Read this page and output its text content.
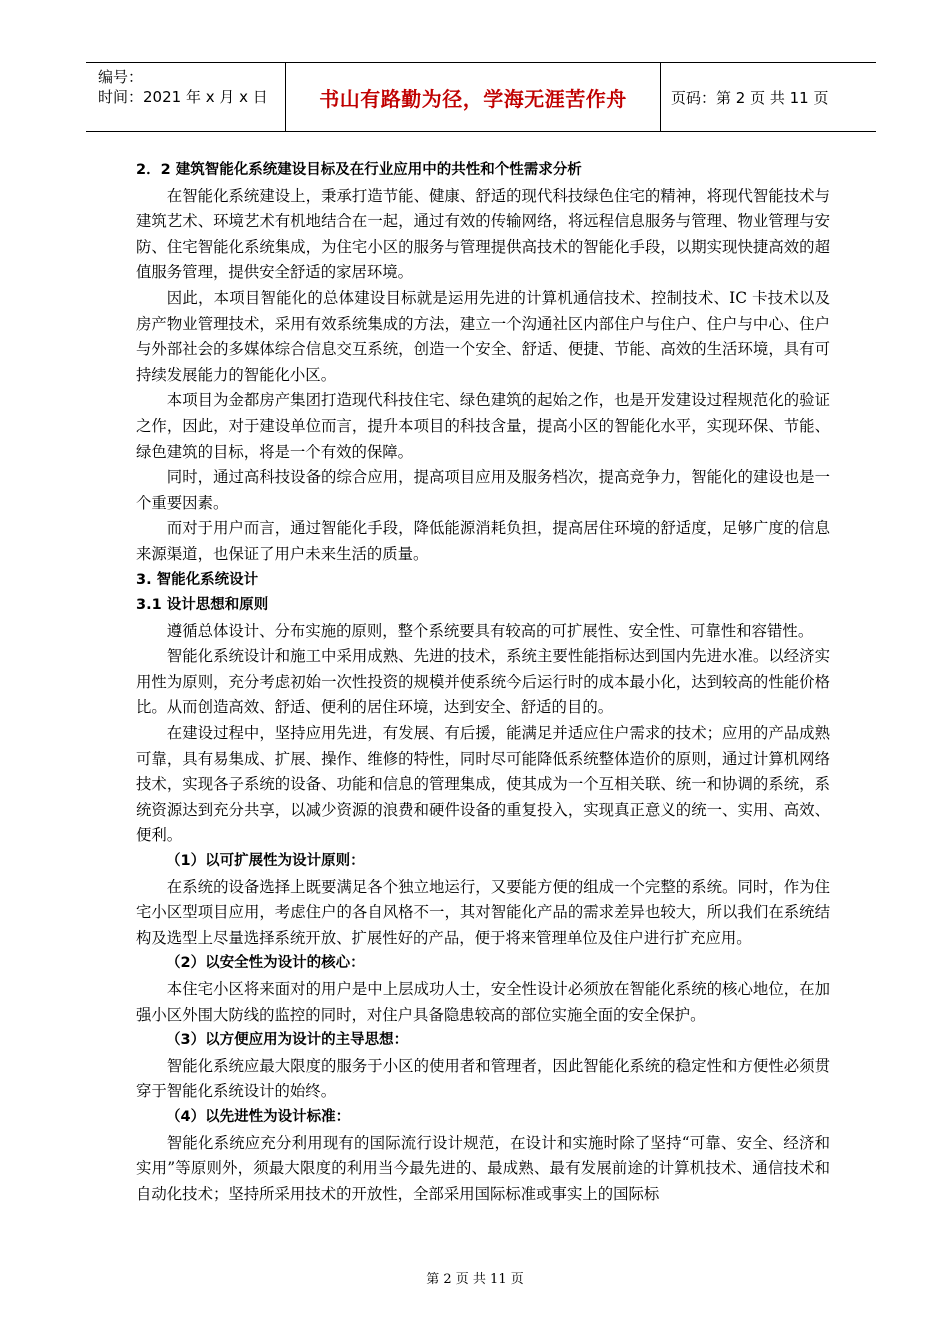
编号：
时间：2021 年 x 月 x 日	书山有路勤为径，学海无涯苦作舟	页码：第 2 页 共 11 页

2．2 建筑智能化系统建设目标及在行业应用中的共性和个性需求分析

在智能化系统建设上，秉承打造节能、健康、舒适的现代科技绿色住宅的精神，将现代智能技术与建筑艺术、环境艺术有机地结合在一起，通过有效的传输网络，将远程信息服务与管理、物业管理与安防、住宅智能化系统集成，为住宅小区的服务与管理提供高技术的智能化手段，以期实现快捷高效的超值服务管理，提供安全舒适的家居环境。

因此，本项目智能化的总体建设目标就是运用先进的计算机通信技术、控制技术、IC 卡技术以及房产物业管理技术，采用有效系统集成的方法，建立一个沟通社区内部住户与住户、住户与中心、住户与外部社会的多媒体综合信息交互系统，创造一个安全、舒适、便捷、节能、高效的生活环境，具有可持续发展能力的智能化小区。

本项目为金都房产集团打造现代科技住宅、绿色建筑的起始之作，也是开发建设过程规范化的验证之作，因此，对于建设单位而言，提升本项目的科技含量，提高小区的智能化水平，实现环保、节能、绿色建筑的目标，将是一个有效的保障。

同时，通过高科技设备的综合应用，提高项目应用及服务档次，提高竞争力，智能化的建设也是一个重要因素。

而对于用户而言，通过智能化手段，降低能源消耗负担，提高居住环境的舒适度，足够广度的信息来源渠道，也保证了用户未来生活的质量。

3. 智能化系统设计

3.1 设计思想和原则

遵循总体设计、分布实施的原则，整个系统要具有较高的可扩展性、安全性、可靠性和容错性。

智能化系统设计和施工中采用成熟、先进的技术，系统主要性能指标达到国内先进水准。以经济实用性为原则，充分考虑初始一次性投资的规模并使系统今后运行时的成本最小化，达到较高的性能价格比。从而创造高效、舒适、便利的居住环境，达到安全、舒适的目的。

在建设过程中，坚持应用先进，有发展、有后援，能满足并适应住户需求的技术；应用的产品成熟可靠，具有易集成、扩展、操作、维修的特性，同时尽可能降低系统整体造价的原则，通过计算机网络技术，实现各子系统的设备、功能和信息的管理集成，使其成为一个互相关联、统一和协调的系统，系统资源达到充分共享，以减少资源的浪费和硬件设备的重复投入，实现真正意义的统一、实用、高效、便利。

（1）以可扩展性为设计原则：

在系统的设备选择上既要满足各个独立地运行，又要能方便的组成一个完整的系统。同时，作为住宅小区型项目应用，考虑住户的各自风格不一，其对智能化产品的需求差异也较大，所以我们在系统结构及选型上尽量选择系统开放、扩展性好的产品，便于将来管理单位及住户进行扩充应用。

（2）以安全性为设计的核心：

本住宅小区将来面对的用户是中上层成功人士，安全性设计必须放在智能化系统的核心地位，在加强小区外围大防线的监控的同时，对住户具备隐患较高的部位实施全面的安全保护。

（3）以方便应用为设计的主导思想：

智能化系统应最大限度的服务于小区的使用者和管理者，因此智能化系统的稳定性和方便性必须贯穿于智能化系统设计的始终。

（4）以先进性为设计标准：

智能化系统应充分利用现有的国际流行设计规范，在设计和实施时除了坚持“可靠、安全、经济和实用”等原则外，须最大限度的利用当今最先进的、最成熟、最有发展前途的计算机技术、通信技术和自动化技术；坚持所采用技术的开放性，全部采用国际标准或事实上的国际标

第 2 页 共 11 页
